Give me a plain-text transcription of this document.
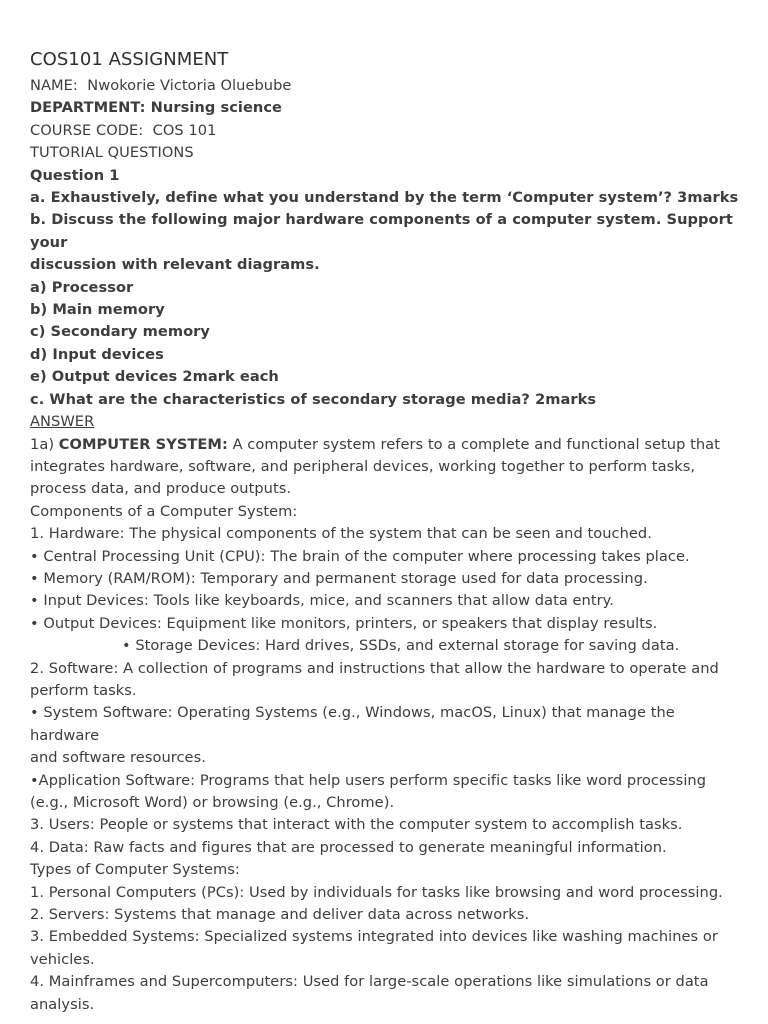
COS101 ASSIGNMENT

NAME:  Nwokorie Victoria Oluebube

DEPARTMENT: Nursing science

COURSE CODE:  COS 101

TUTORIAL QUESTIONS

Question 1

a. Exhaustively, define what you understand by the term ‘Computer system’? 3marks

b. Discuss the following major hardware components of a computer system. Support your

discussion with relevant diagrams.

a) Processor

b) Main memory

c) Secondary memory

d) Input devices

e) Output devices 2mark each

c. What are the characteristics of secondary storage media? 2marks

ANSWER

1a) COMPUTER SYSTEM: A computer system refers to a complete and functional setup that

integrates hardware, software, and peripheral devices, working together to perform tasks,

process data, and produce outputs.

Components of a Computer System:

1. Hardware: The physical components of the system that can be seen and touched.

• Central Processing Unit (CPU): The brain of the computer where processing takes place.

• Memory (RAM/ROM): Temporary and permanent storage used for data processing.

• Input Devices: Tools like keyboards, mice, and scanners that allow data entry.

• Output Devices: Equipment like monitors, printers, or speakers that display results.

• Storage Devices: Hard drives, SSDs, and external storage for saving data.

2. Software: A collection of programs and instructions that allow the hardware to operate and

perform tasks.

• System Software: Operating Systems (e.g., Windows, macOS, Linux) that manage the hardware

and software resources.

•Application Software: Programs that help users perform specific tasks like word processing

(e.g., Microsoft Word) or browsing (e.g., Chrome).

3. Users: People or systems that interact with the computer system to accomplish tasks.

4. Data: Raw facts and figures that are processed to generate meaningful information.

Types of Computer Systems:

1. Personal Computers (PCs): Used by individuals for tasks like browsing and word processing.

2. Servers: Systems that manage and deliver data across networks.

3. Embedded Systems: Specialized systems integrated into devices like washing machines or

vehicles.

4. Mainframes and Supercomputers: Used for large-scale operations like simulations or data

analysis.
